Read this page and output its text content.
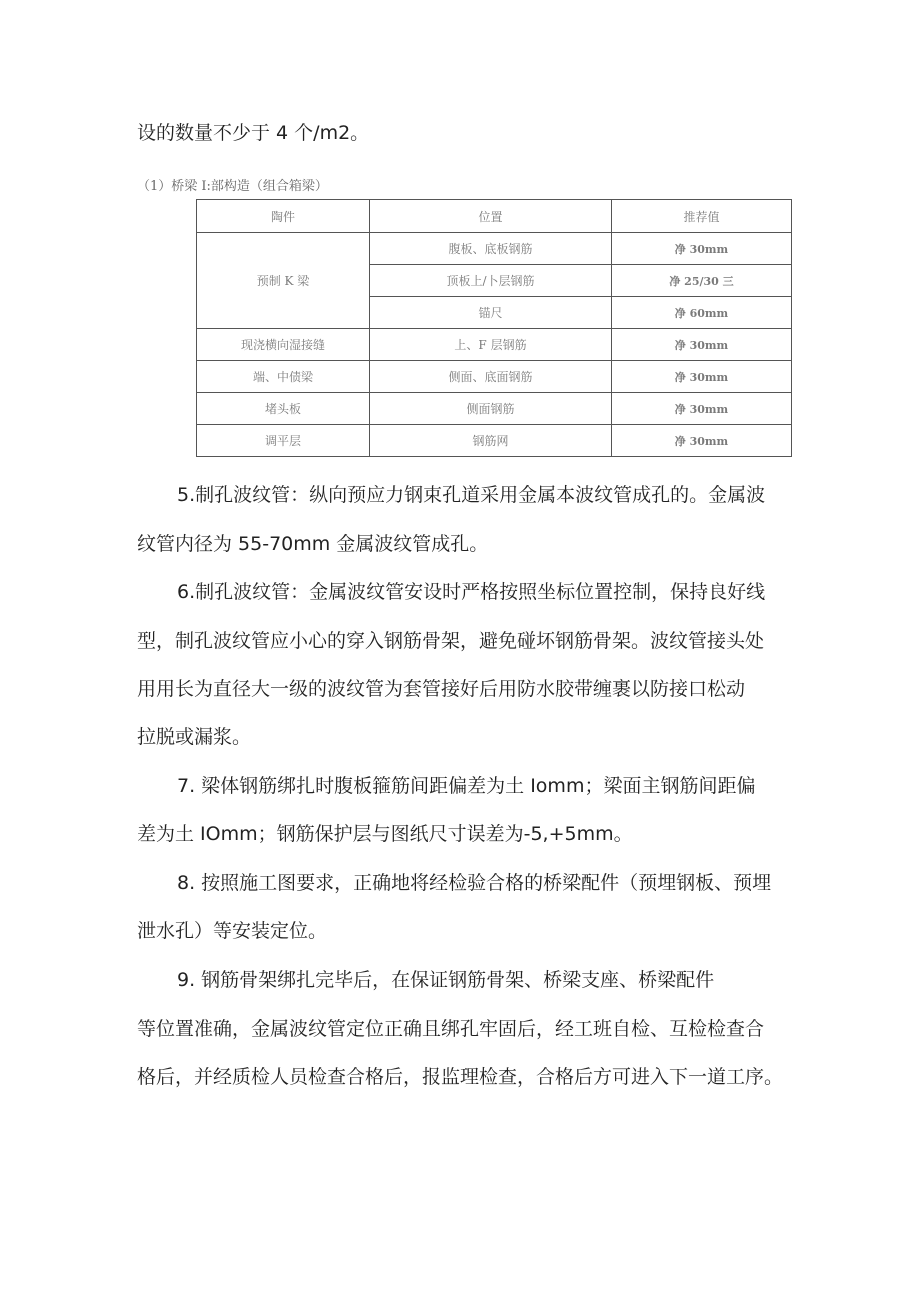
设的数量不少于 4 个/m2。
（1）桥梁 I:部构造（组合箱梁）
陶件	位置	推荐值
预制 K 梁	腹板、底板钢筋	净 30mm
	顶板上/卜层钢筋	净 25/30 三
	锚尺	净 60mm
现浇横向湿接缝	上、F 层钢筋	净 30mm
端、中债梁	侧面、底面钢筋	净 30mm
堵头板	侧面钢筋	净 30mm
调平层	钢筋网	净 30mm
5.制孔波纹管：纵向预应力钢束孔道采用金属本波纹管成孔的。金属波
纹管内径为 55-70mm 金属波纹管成孔。
6.制孔波纹管：金属波纹管安设时严格按照坐标位置控制，保持良好线
型，制孔波纹管应小心的穿入钢筋骨架，避免碰坏钢筋骨架。波纹管接头处
用用长为直径大一级的波纹管为套管接好后用防水胶带缠裹以防接口松动
拉脱或漏浆。
7. 梁体钢筋绑扎时腹板箍筋间距偏差为土 Iomm；梁面主钢筋间距偏
差为土 IOmm；钢筋保护层与图纸尺寸误差为-5,+5mm。
8. 按照施工图要求，正确地将经检验合格的桥梁配件（预埋钢板、预埋
泄水孔）等安装定位。
9. 钢筋骨架绑扎完毕后，在保证钢筋骨架、桥梁支座、桥梁配件
等位置准确，金属波纹管定位正确且绑孔牢固后，经工班自检、互检检查合
格后，并经质检人员检查合格后，报监理检查，合格后方可进入下一道工序。
